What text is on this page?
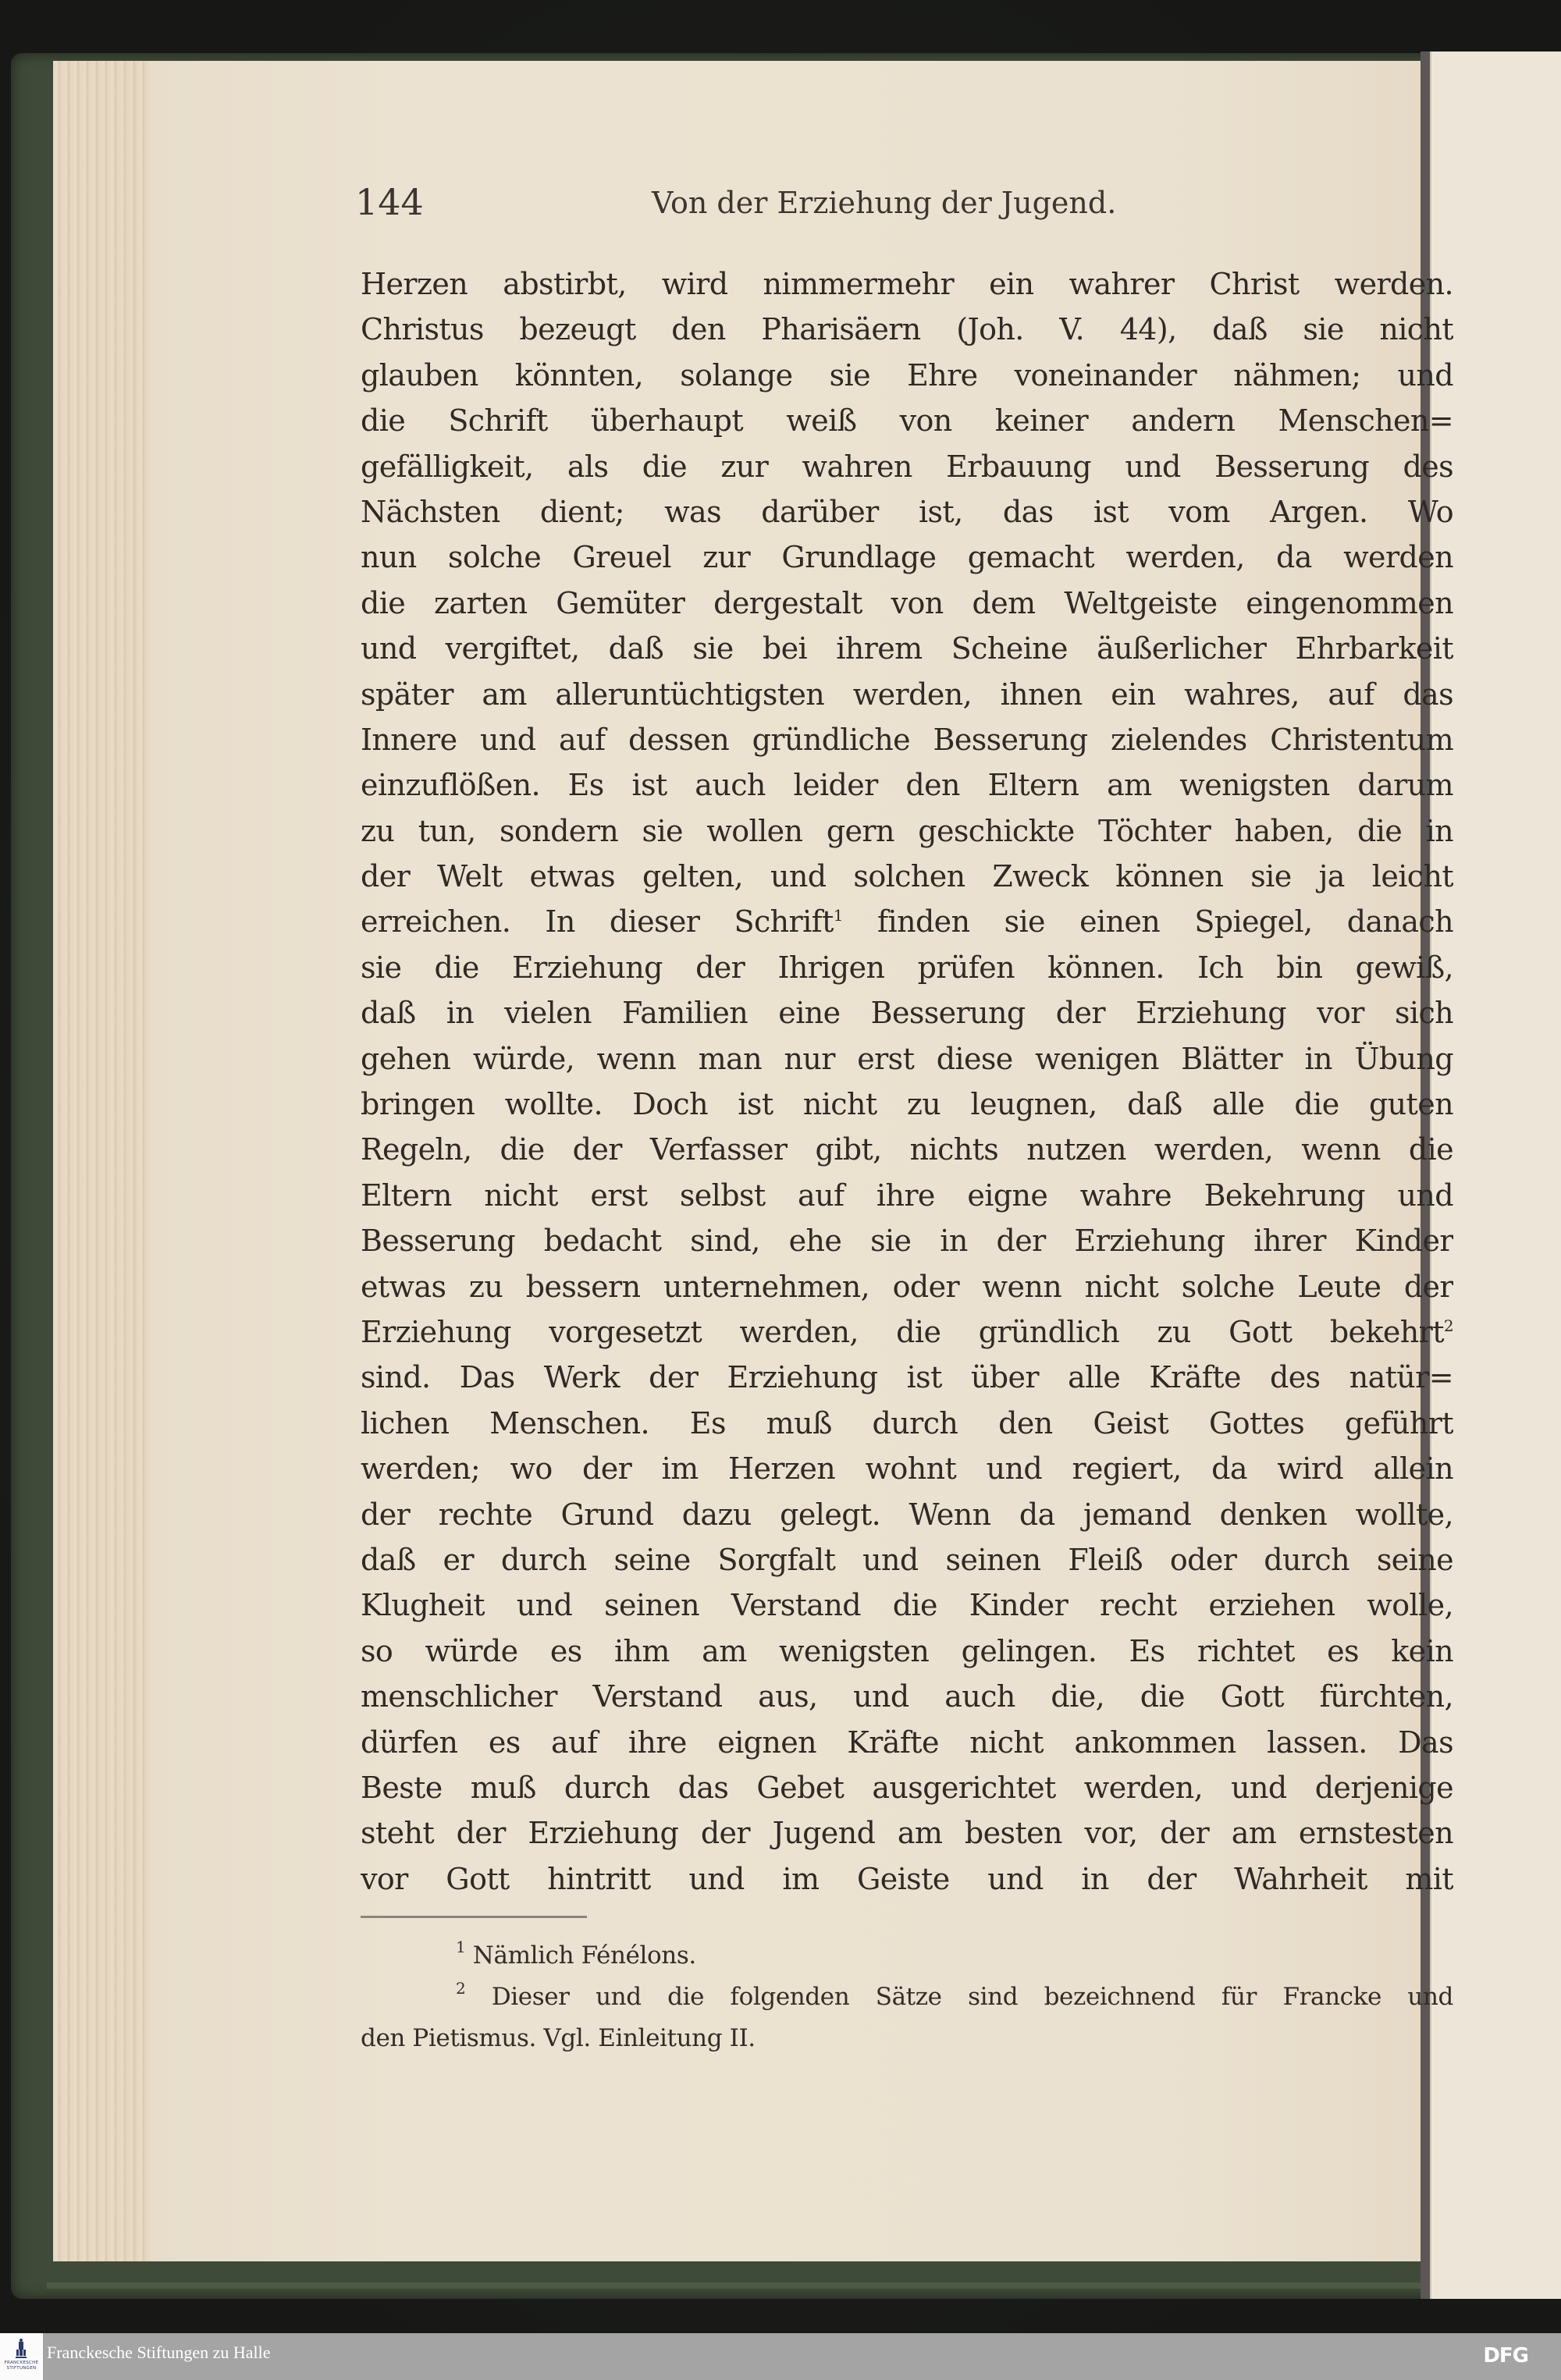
144	Von der Erziehung der Jugend.
Herzen abstirbt, wird nimmermehr ein wahrer Christ werden.
Christus bezeugt den Pharisäern (Joh. V. 44), daß sie nicht
glauben könnten, solange sie Ehre voneinander nähmen; und
die Schrift überhaupt weiß von keiner andern Menschen=
gefälligkeit, als die zur wahren Erbauung und Besserung des
Nächsten dient; was darüber ist, das ist vom Argen. Wo
nun solche Greuel zur Grundlage gemacht werden, da werden
die zarten Gemüter dergestalt von dem Weltgeiste eingenommen
und vergiftet, daß sie bei ihrem Scheine äußerlicher Ehrbarkeit
später am alleruntüchtigsten werden, ihnen ein wahres, auf das
Innere und auf dessen gründliche Besserung zielendes Christentum
einzuflößen. Es ist auch leider den Eltern am wenigsten darum
zu tun, sondern sie wollen gern geschickte Töchter haben, die in
der Welt etwas gelten, und solchen Zweck können sie ja leicht
erreichen. In dieser Schrift$^1$ finden sie einen Spiegel, danach
sie die Erziehung der Ihrigen prüfen können. Ich bin gewiß,
daß in vielen Familien eine Besserung der Erziehung vor sich
gehen würde, wenn man nur erst diese wenigen Blätter in Übung
bringen wollte. Doch ist nicht zu leugnen, daß alle die guten
Regeln, die der Verfasser gibt, nichts nutzen werden, wenn die
Eltern nicht erst selbst auf ihre eigne wahre Bekehrung und
Besserung bedacht sind, ehe sie in der Erziehung ihrer Kinder
etwas zu bessern unternehmen, oder wenn nicht solche Leute der
Erziehung vorgesetzt werden, die gründlich zu Gott bekehrt$^2$
sind. Das Werk der Erziehung ist über alle Kräfte des natür=
lichen Menschen. Es muß durch den Geist Gottes geführt
werden; wo der im Herzen wohnt und regiert, da wird allein
der rechte Grund dazu gelegt. Wenn da jemand denken wollte,
daß er durch seine Sorgfalt und seinen Fleiß oder durch seine
Klugheit und seinen Verstand die Kinder recht erziehen wolle,
so würde es ihm am wenigsten gelingen. Es richtet es kein
menschlicher Verstand aus, und auch die, die Gott fürchten,
dürfen es auf ihre eignen Kräfte nicht ankommen lassen. Das
Beste muß durch das Gebet ausgerichtet werden, und derjenige
steht der Erziehung der Jugend am besten vor, der am ernstesten
vor Gott hintritt und im Geiste und in der Wahrheit mit
$^1$ Nämlich Fénélons.
$^2$ Dieser und die folgenden Sätze sind bezeichnend für Francke und
den Pietismus. Vgl. Einleitung II.
FRANCKESCHE STIFTUNGEN
Franckesche Stiftungen zu Halle	DFG
